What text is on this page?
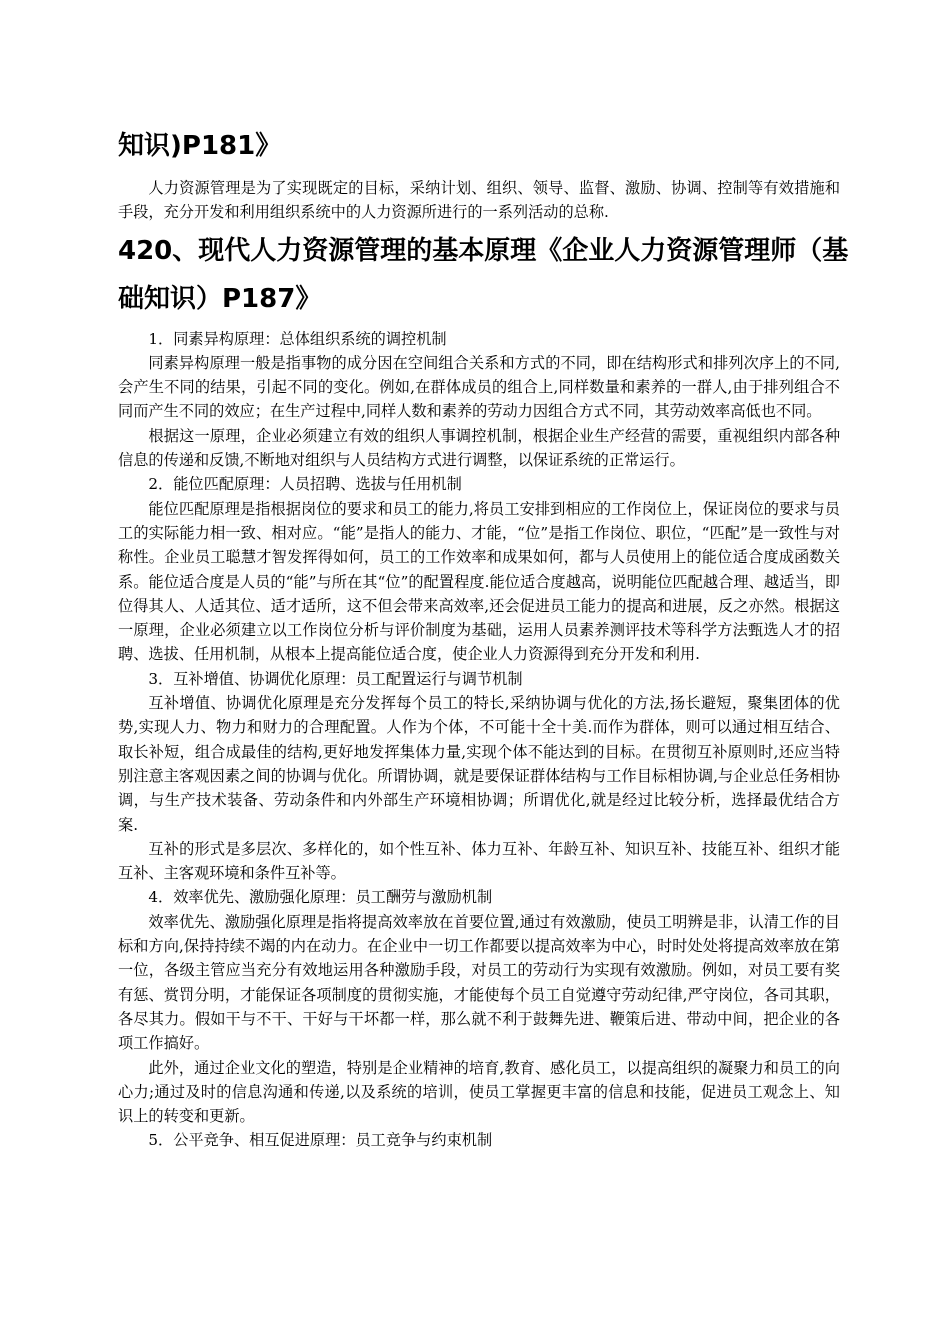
知识)P181》

人力资源管理是为了实现既定的目标，采纳计划、组织、领导、监督、激励、协调、控制等有效措施和手段，充分开发和利用组织系统中的人力资源所进行的一系列活动的总称.

420、现代人力资源管理的基本原理《企业人力资源管理师（基
础知识）P187》

1．同素异构原理：总体组织系统的调控机制

同素异构原理一般是指事物的成分因在空间组合关系和方式的不同，即在结构形式和排列次序上的不同,会产生不同的结果，引起不同的变化。例如,在群体成员的组合上,同样数量和素养的一群人,由于排列组合不同而产生不同的效应；在生产过程中,同样人数和素养的劳动力因组合方式不同，其劳动效率高低也不同。

根据这一原理，企业必须建立有效的组织人事调控机制，根据企业生产经营的需要，重视组织内部各种信息的传递和反馈,不断地对组织与人员结构方式进行调整，以保证系统的正常运行。

2．能位匹配原理：人员招聘、选拔与任用机制

能位匹配原理是指根据岗位的要求和员工的能力,将员工安排到相应的工作岗位上，保证岗位的要求与员工的实际能力相一致、相对应。“能”是指人的能力、才能，“位”是指工作岗位、职位，“匹配”是一致性与对称性。企业员工聪慧才智发挥得如何，员工的工作效率和成果如何，都与人员使用上的能位适合度成函数关系。能位适合度是人员的“能”与所在其“位”的配置程度.能位适合度越高，说明能位匹配越合理、越适当，即位得其人、人适其位、适才适所，这不但会带来高效率,还会促进员工能力的提高和进展，反之亦然。根据这一原理，企业必须建立以工作岗位分析与评价制度为基础，运用人员素养测评技术等科学方法甄选人才的招聘、选拔、任用机制，从根本上提高能位适合度，使企业人力资源得到充分开发和利用.

3．互补增值、协调优化原理：员工配置运行与调节机制

互补增值、协调优化原理是充分发挥每个员工的特长,采纳协调与优化的方法,扬长避短，聚集团体的优势,实现人力、物力和财力的合理配置。人作为个体，不可能十全十美.而作为群体，则可以通过相互结合、取长补短，组合成最佳的结构,更好地发挥集体力量,实现个体不能达到的目标。在贯彻互补原则时,还应当特别注意主客观因素之间的协调与优化。所谓协调，就是要保证群体结构与工作目标相协调,与企业总任务相协调，与生产技术装备、劳动条件和内外部生产环境相协调；所谓优化,就是经过比较分析，选择最优结合方案.

互补的形式是多层次、多样化的，如个性互补、体力互补、年龄互补、知识互补、技能互补、组织才能互补、主客观环境和条件互补等。

4．效率优先、激励强化原理：员工酬劳与激励机制

效率优先、激励强化原理是指将提高效率放在首要位置,通过有效激励，使员工明辨是非，认清工作的目标和方向,保持持续不竭的内在动力。在企业中一切工作都要以提高效率为中心，时时处处将提高效率放在第一位，各级主管应当充分有效地运用各种激励手段，对员工的劳动行为实现有效激励。例如，对员工要有奖有惩、赏罚分明，才能保证各项制度的贯彻实施，才能使每个员工自觉遵守劳动纪律,严守岗位，各司其职，各尽其力。假如干与不干、干好与干坏都一样，那么就不利于鼓舞先进、鞭策后进、带动中间，把企业的各项工作搞好。

此外，通过企业文化的塑造，特别是企业精神的培育,教育、感化员工，以提高组织的凝聚力和员工的向心力;通过及时的信息沟通和传递,以及系统的培训，使员工掌握更丰富的信息和技能，促进员工观念上、知识上的转变和更新。

5．公平竞争、相互促进原理：员工竞争与约束机制
